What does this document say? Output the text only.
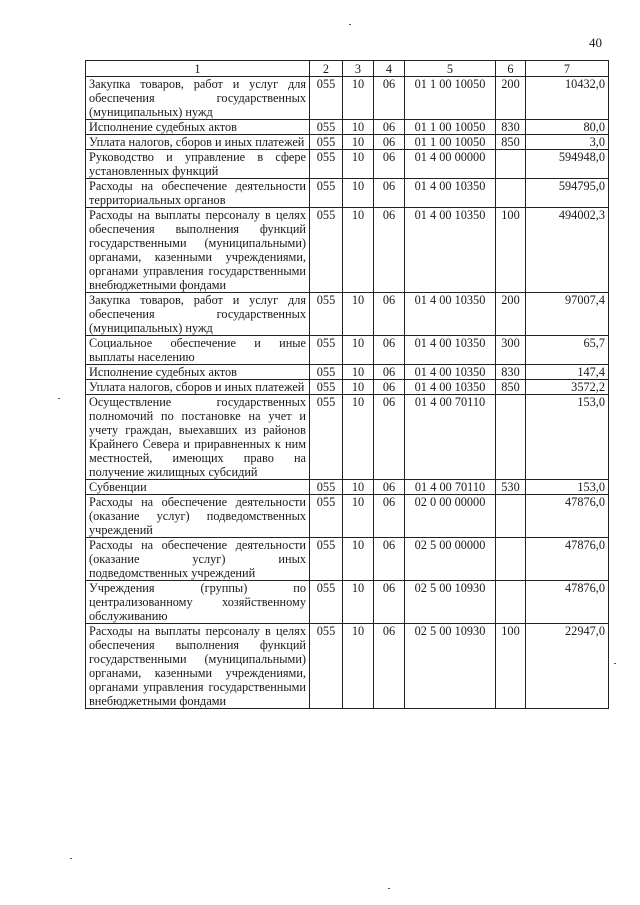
40
1	2	3	4	5	6	7
Закупка товаров, работ и услуг для обеспечения государственных (муниципальных) нужд	055	10	06	01 1 00 10050	200	10432,0
Исполнение судебных актов	055	10	06	01 1 00 10050	830	80,0
Уплата налогов, сборов и иных платежей	055	10	06	01 1 00 10050	850	3,0
Руководство и управление в сфере установленных функций	055	10	06	01 4 00 00000		594948,0
Расходы на обеспечение деятельности территориальных органов	055	10	06	01 4 00 10350		594795,0
Расходы на выплаты персоналу в целях обеспечения выполнения функций государственными (муниципальными) органами, казенными учреждениями, органами управления государственными внебюджетными фондами	055	10	06	01 4 00 10350	100	494002,3
Закупка товаров, работ и услуг для обеспечения государственных (муниципальных) нужд	055	10	06	01 4 00 10350	200	97007,4
Социальное обеспечение и иные выплаты населению	055	10	06	01 4 00 10350	300	65,7
Исполнение судебных актов	055	10	06	01 4 00 10350	830	147,4
Уплата налогов, сборов и иных платежей	055	10	06	01 4 00 10350	850	3572,2
Осуществление государственных полномочий по постановке на учет и учету граждан, выехавших из районов Крайнего Севера и приравненных к ним местностей, имеющих право на получение жилищных субсидий	055	10	06	01 4 00 70110		153,0
Субвенции	055	10	06	01 4 00 70110	530	153,0
Расходы на обеспечение деятельности (оказание услуг) подведомственных учреждений	055	10	06	02 0 00 00000		47876,0
Расходы на обеспечение деятельности (оказание услуг) иных подведомственных учреждений	055	10	06	02 5 00 00000		47876,0
Учреждения (группы) по централизованному хозяйственному обслуживанию	055	10	06	02 5 00 10930		47876,0
Расходы на выплаты персоналу в целях обеспечения выполнения функций государственными (муниципальными) органами, казенными учреждениями, органами управления государственными внебюджетными фондами	055	10	06	02 5 00 10930	100	22947,0
